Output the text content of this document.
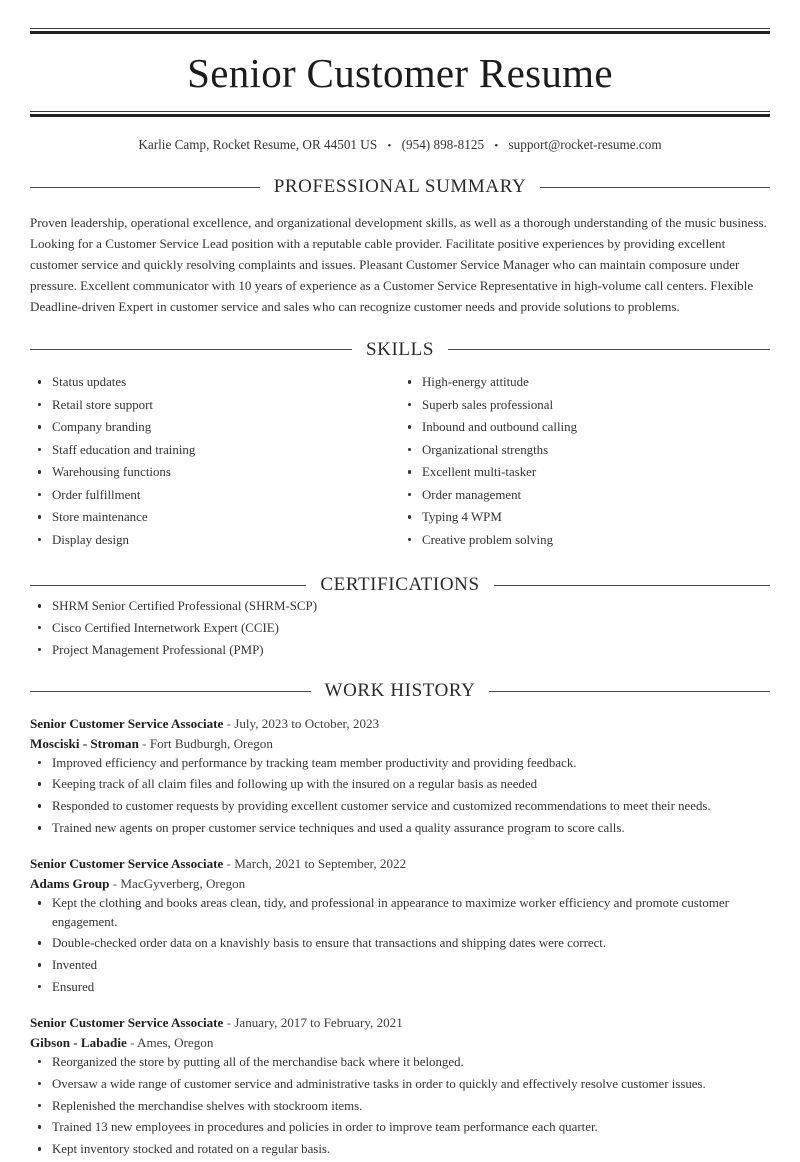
Senior Customer Resume
Karlie Camp, Rocket Resume, OR 44501 US • (954) 898-8125 • support@rocket-resume.com
PROFESSIONAL SUMMARY

Proven leadership, operational excellence, and organizational development skills, as well as a thorough understanding of the music business. Looking for a Customer Service Lead position with a reputable cable provider. Facilitate positive experiences by providing excellent customer service and quickly resolving complaints and issues. Pleasant Customer Service Manager who can maintain composure under pressure. Excellent communicator with 10 years of experience as a Customer Service Representative in high-volume call centers. Flexible Deadline-driven Expert in customer service and sales who can recognize customer needs and provide solutions to problems.

SKILLS
Status updates
Retail store support
Company branding
Staff education and training
Warehousing functions
Order fulfillment
Store maintenance
Display design
High-energy attitude
Superb sales professional
Inbound and outbound calling
Organizational strengths
Excellent multi-tasker
Order management
Typing 4 WPM
Creative problem solving
CERTIFICATIONS
SHRM Senior Certified Professional (SHRM-SCP)
Cisco Certified Internetwork Expert (CCIE)
Project Management Professional (PMP)
WORK HISTORY
Senior Customer Service Associate - July, 2023 to October, 2023
Mosciski - Stroman - Fort Budburgh, Oregon
Improved efficiency and performance by tracking team member productivity and providing feedback.
Keeping track of all claim files and following up with the insured on a regular basis as needed
Responded to customer requests by providing excellent customer service and customized recommendations to meet their needs.
Trained new agents on proper customer service techniques and used a quality assurance program to score calls.
Senior Customer Service Associate - March, 2021 to September, 2022
Adams Group - MacGyverberg, Oregon
Kept the clothing and books areas clean, tidy, and professional in appearance to maximize worker efficiency and promote customer engagement.
Double-checked order data on a knavishly basis to ensure that transactions and shipping dates were correct.
Invented
Ensured
Senior Customer Service Associate - January, 2017 to February, 2021
Gibson - Labadie - Ames, Oregon
Reorganized the store by putting all of the merchandise back where it belonged.
Oversaw a wide range of customer service and administrative tasks in order to quickly and effectively resolve customer issues.
Replenished the merchandise shelves with stockroom items.
Trained 13 new employees in procedures and policies in order to improve team performance each quarter.
Kept inventory stocked and rotated on a regular basis.
